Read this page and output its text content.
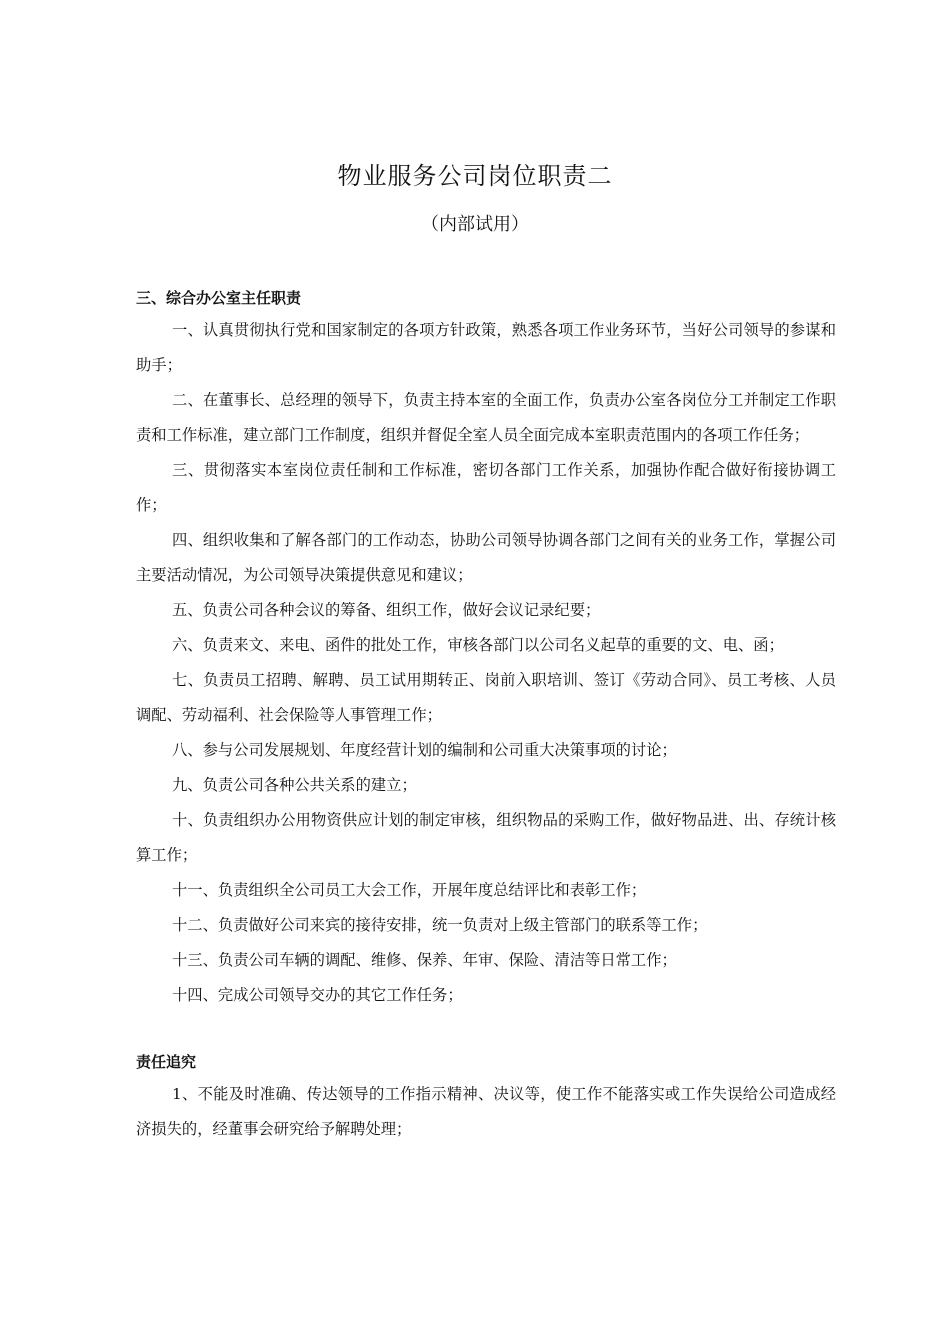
物业服务公司岗位职责二
（内部试用）
三、综合办公室主任职责

一、认真贯彻执行党和国家制定的各项方针政策，熟悉各项工作业务环节，当好公司领导的参谋和助手；

二、在董事长、总经理的领导下，负责主持本室的全面工作，负责办公室各岗位分工并制定工作职责和工作标准，建立部门工作制度，组织并督促全室人员全面完成本室职责范围内的各项工作任务；

三、贯彻落实本室岗位责任制和工作标准，密切各部门工作关系，加强协作配合做好衔接协调工作；

四、组织收集和了解各部门的工作动态，协助公司领导协调各部门之间有关的业务工作，掌握公司主要活动情况，为公司领导决策提供意见和建议；

五、负责公司各种会议的筹备、组织工作，做好会议记录纪要；

六、负责来文、来电、函件的批处工作，审核各部门以公司名义起草的重要的文、电、函；

七、负责员工招聘、解聘、员工试用期转正、岗前入职培训、签订《劳动合同》、员工考核、人员调配、劳动福利、社会保险等人事管理工作；

八、参与公司发展规划、年度经营计划的编制和公司重大决策事项的讨论；

九、负责公司各种公共关系的建立；

十、负责组织办公用物资供应计划的制定审核，组织物品的采购工作，做好物品进、出、存统计核算工作；

十一、负责组织全公司员工大会工作，开展年度总结评比和表彰工作；

十二、负责做好公司来宾的接待安排，统一负责对上级主管部门的联系等工作；

十三、负责公司车辆的调配、维修、保养、年审、保险、清洁等日常工作；

十四、完成公司领导交办的其它工作任务；

责任追究

1、不能及时准确、传达领导的工作指示精神、决议等，使工作不能落实或工作失误给公司造成经济损失的，经董事会研究给予解聘处理；
